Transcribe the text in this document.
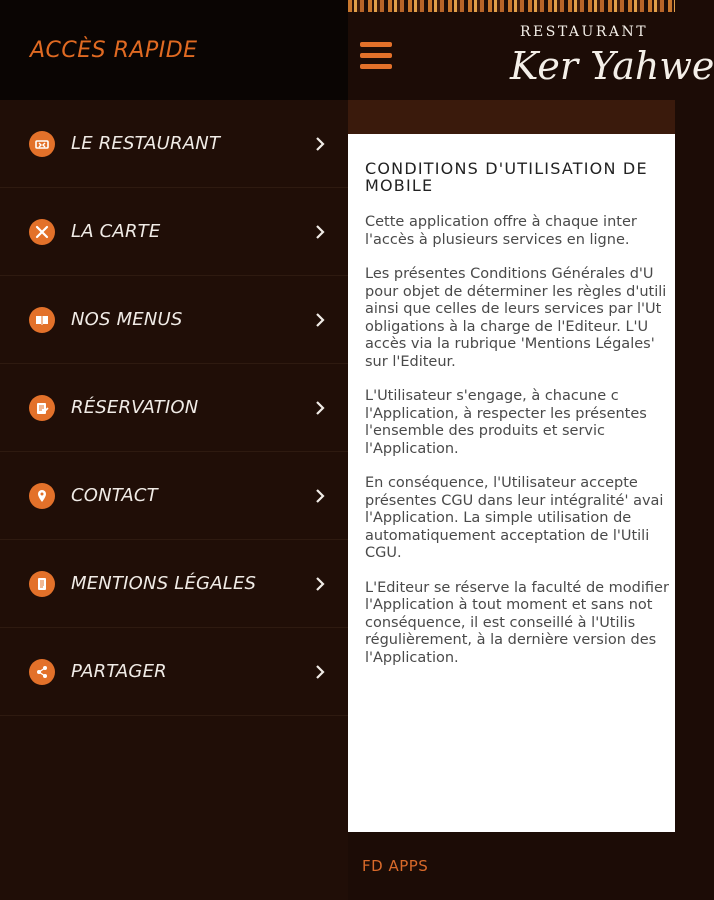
RESTAURANT
Ker Yahwe
CONDITIONS D'UTILISATION DE
MOBILE

Cette application offre à chaque inter
l'accès à plusieurs services en ligne.

Les présentes Conditions Générales d'U
pour objet de déterminer les règles d'utili
ainsi que celles de leurs services par l'Ut
obligations à la charge de l'Editeur. L'U
accès via la rubrique 'Mentions Légales'
sur l'Editeur.

L'Utilisateur s'engage, à chacune c
l'Application, à respecter les présentes
l'ensemble des produits et servic
l'Application.

En conséquence, l'Utilisateur accepte
présentes CGU dans leur intégralité' avai
l'Application. La simple utilisation de
automatiquement acceptation de l'Utili
CGU.

L'Editeur se réserve la faculté de modifier
l'Application à tout moment et sans not
conséquence, il est conseillé à l'Utilis
régulièrement, à la dernière version des
l'Application.

FD APPS
ACCÈS RAPIDE
LE RESTAURANT
LA CARTE
NOS MENUS
RÉSERVATION
CONTACT
MENTIONS LÉGALES
PARTAGER
